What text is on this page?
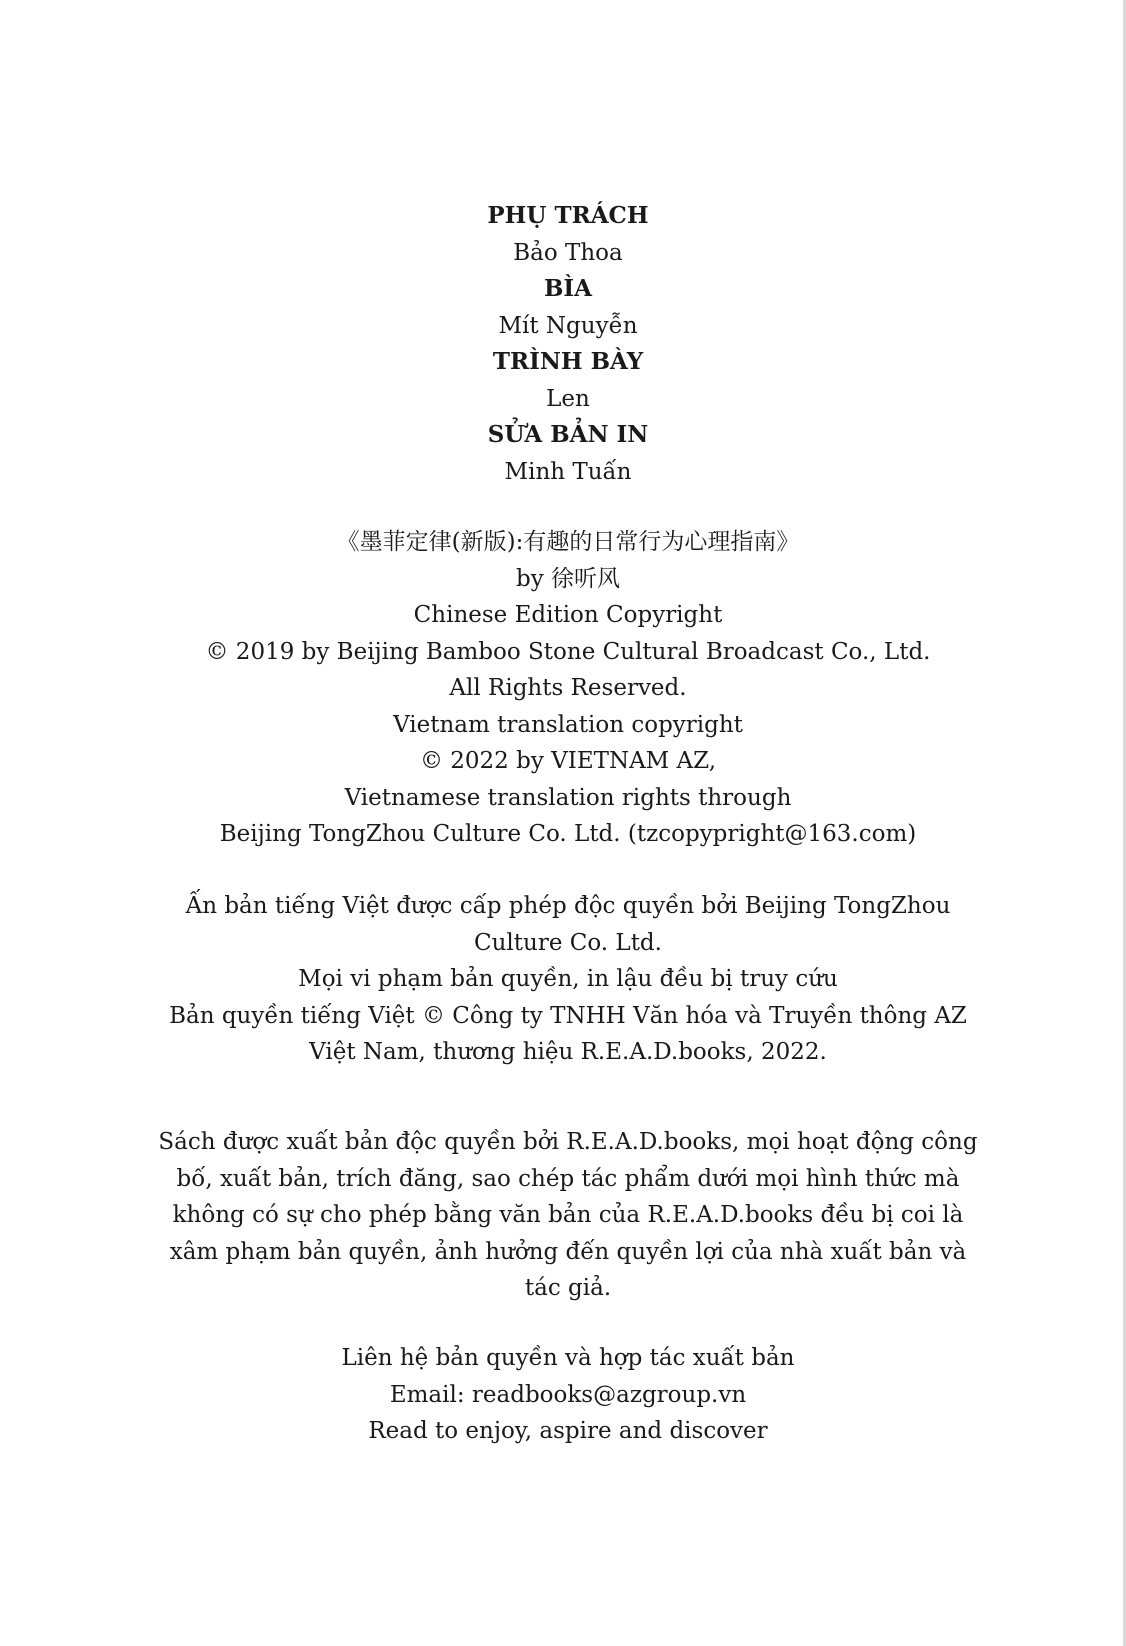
PHỤ TRÁCH
Bảo Thoa
BÌA
Mít Nguyễn
TRÌNH BÀY
Len
SỬA BẢN IN
Minh Tuấn
《墨菲定律(新版):有趣的日常行为心理指南》
by 徐听风
Chinese Edition Copyright
© 2019 by Beijing Bamboo Stone Cultural Broadcast Co., Ltd.
All Rights Reserved.
Vietnam translation copyright
© 2022 by VIETNAM AZ,
Vietnamese translation rights through
Beijing TongZhou Culture Co. Ltd. (tzcopypright@163.com)
Ấn bản tiếng Việt được cấp phép độc quyền bởi Beijing TongZhou
Culture Co. Ltd.
Mọi vi phạm bản quyền, in lậu đều bị truy cứu
Bản quyền tiếng Việt © Công ty TNHH Văn hóa và Truyền thông AZ
Việt Nam, thương hiệu R.E.A.D.books, 2022.
Sách được xuất bản độc quyền bởi R.E.A.D.books, mọi hoạt động công
bố, xuất bản, trích đăng, sao chép tác phẩm dưới mọi hình thức mà
không có sự cho phép bằng văn bản của R.E.A.D.books đều bị coi là
xâm phạm bản quyền, ảnh hưởng đến quyền lợi của nhà xuất bản và
tác giả.
Liên hệ bản quyền và hợp tác xuất bản
Email: readbooks@azgroup.vn
Read to enjoy, aspire and discover
